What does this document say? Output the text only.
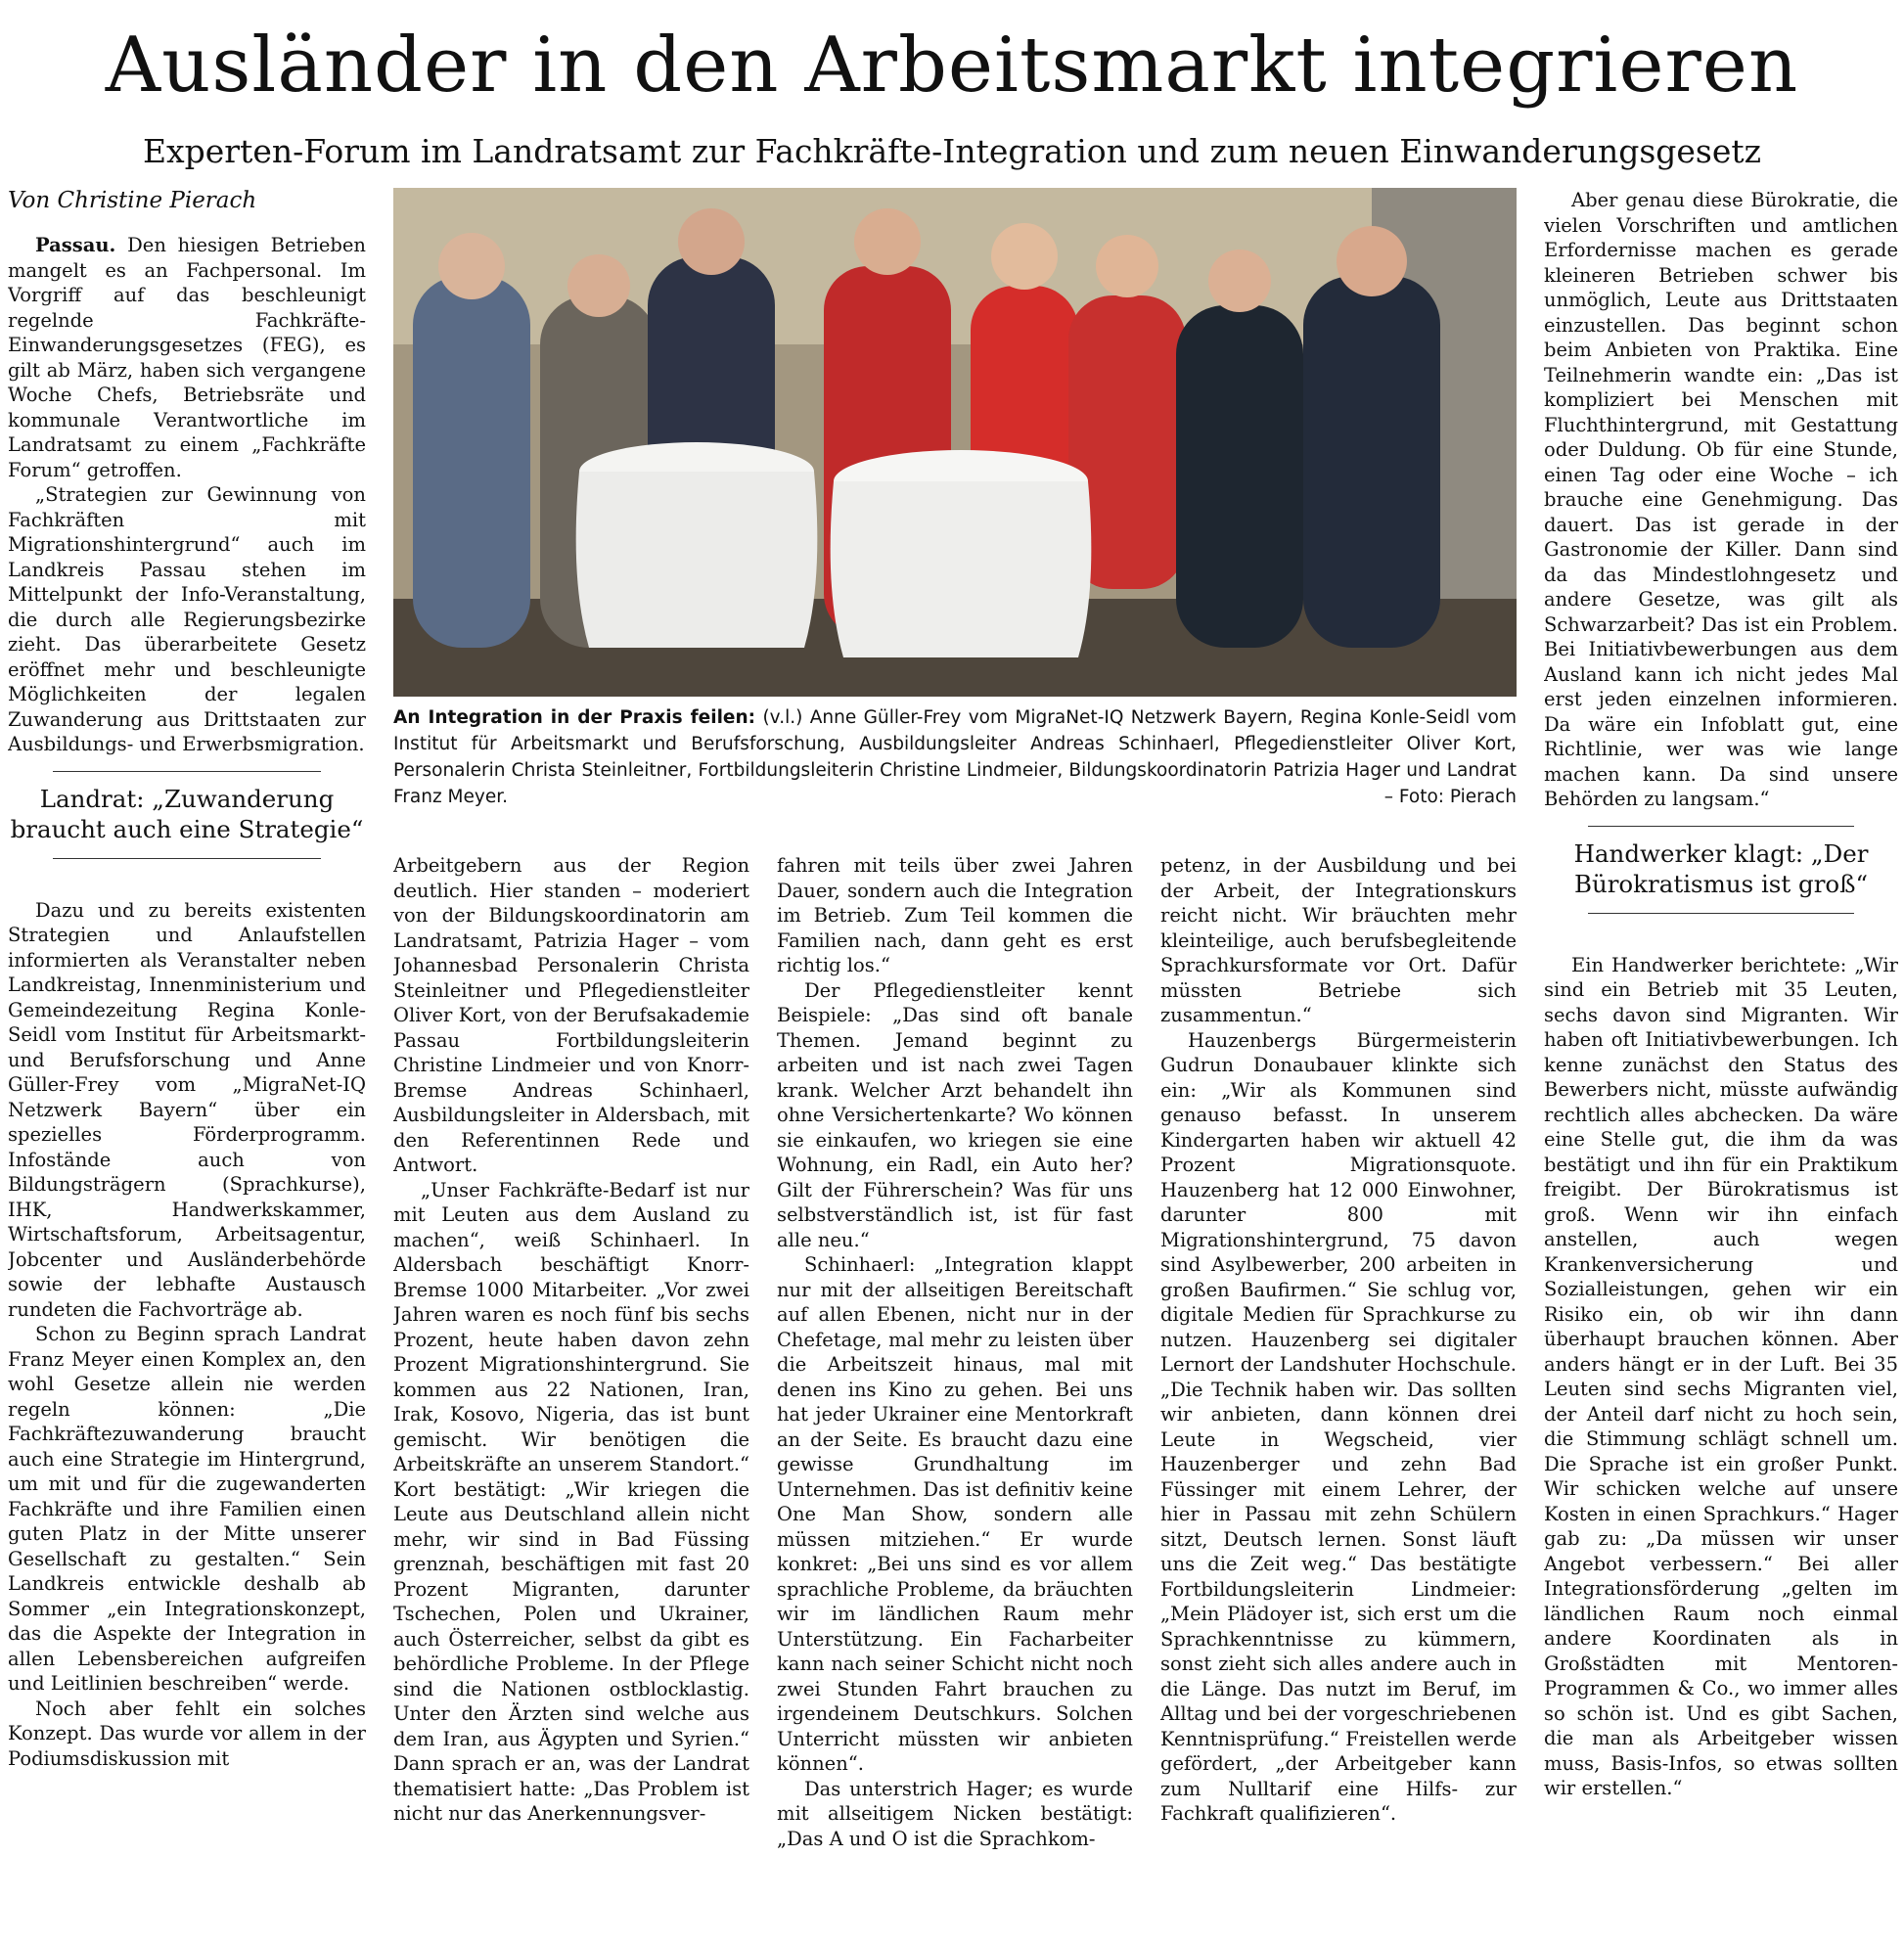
Ausländer in den Arbeitsmarkt integrieren
Experten-Forum im Landratsamt zur Fachkräfte-Integration und zum neuen Einwanderungsgesetz
Von Christine Pierach

Passau. Den hiesigen Betrieben mangelt es an Fachpersonal. Im Vorgriff auf das beschleunigt regelnde Fachkräfte-Einwanderungsgesetzes (FEG), es gilt ab März, haben sich vergangene Woche Chefs, Betriebsräte und kommunale Verantwortliche im Landratsamt zu einem „Fachkräfte Forum“ getroffen.

„Strategien zur Gewinnung von Fachkräften mit Migrationshintergrund“ auch im Landkreis Passau stehen im Mittelpunkt der Info-Veranstaltung, die durch alle Regierungsbezirke zieht. Das überarbeitete Gesetz eröffnet mehr und beschleunigte Möglichkeiten der legalen Zuwanderung aus Drittstaaten zur Ausbildungs- und Erwerbsmigration.

Landrat: „Zuwanderung braucht auch eine Strategie“

Dazu und zu bereits existenten Strategien und Anlaufstellen informierten als Veranstalter neben Landkreistag, Innenministerium und Gemeindezeitung Regina Konle-Seidl vom Institut für Arbeitsmarkt- und Berufsforschung und Anne Güller-Frey vom „MigraNet-IQ Netzwerk Bayern“ über ein spezielles Förderprogramm. Infostände auch von Bildungsträgern (Sprachkurse), IHK, Handwerkskammer, Wirtschaftsforum, Arbeitsagentur, Jobcenter und Ausländerbehörde sowie der lebhafte Austausch rundeten die Fachvorträge ab.

Schon zu Beginn sprach Landrat Franz Meyer einen Komplex an, den wohl Gesetze allein nie werden regeln können: „Die Fachkräftezuwanderung braucht auch eine Strategie im Hintergrund, um mit und für die zugewanderten Fachkräfte und ihre Familien einen guten Platz in der Mitte unserer Gesellschaft zu gestalten.“ Sein Landkreis entwickle deshalb ab Sommer „ein Integrationskonzept, das die Aspekte der Integration in allen Lebensbereichen aufgreifen und Leitlinien beschreiben“ werde.

Noch aber fehlt ein solches Konzept. Das wurde vor allem in der Podiumsdiskussion mit

An Integration in der Praxis feilen: (v.l.) Anne Güller-Frey vom MigraNet-IQ Netzwerk Bayern, Regina Konle-Seidl vom Institut für Arbeitsmarkt und Berufsforschung, Ausbildungsleiter Andreas Schinhaerl, Pflegedienstleiter Oliver Kort, Personalerin Christa Steinleitner, Fortbildungsleiterin Christine Lindmeier, Bildungskoordinatorin Patrizia Hager und Landrat Franz Meyer.	– Foto: Pierach

Arbeitgebern aus der Region deutlich. Hier standen – moderiert von der Bildungskoordinatorin am Landratsamt, Patrizia Hager – vom Johannesbad Personalerin Christa Steinleitner und Pflegedienstleiter Oliver Kort, von der Berufsakademie Passau Fortbildungsleiterin Christine Lindmeier und von Knorr-Bremse Andreas Schinhaerl, Ausbildungsleiter in Aldersbach, mit den Referentinnen Rede und Antwort.

„Unser Fachkräfte-Bedarf ist nur mit Leuten aus dem Ausland zu machen“, weiß Schinhaerl. In Aldersbach beschäftigt Knorr-Bremse 1000 Mitarbeiter. „Vor zwei Jahren waren es noch fünf bis sechs Prozent, heute haben davon zehn Prozent Migrationshintergrund. Sie kommen aus 22 Nationen, Iran, Irak, Kosovo, Nigeria, das ist bunt gemischt. Wir benötigen die Arbeitskräfte an unserem Standort.“ Kort bestätigt: „Wir kriegen die Leute aus Deutschland allein nicht mehr, wir sind in Bad Füssing grenznah, beschäftigen mit fast 20 Prozent Migranten, darunter Tschechen, Polen und Ukrainer, auch Österreicher, selbst da gibt es behördliche Probleme. In der Pflege sind die Nationen ostblocklastig. Unter den Ärzten sind welche aus dem Iran, aus Ägypten und Syrien.“ Dann sprach er an, was der Landrat thematisiert hatte: „Das Problem ist nicht nur das Anerkennungsver-

fahren mit teils über zwei Jahren Dauer, sondern auch die Integration im Betrieb. Zum Teil kommen die Familien nach, dann geht es erst richtig los.“

Der Pflegedienstleiter kennt Beispiele: „Das sind oft banale Themen. Jemand beginnt zu arbeiten und ist nach zwei Tagen krank. Welcher Arzt behandelt ihn ohne Versichertenkarte? Wo können sie einkaufen, wo kriegen sie eine Wohnung, ein Radl, ein Auto her? Gilt der Führerschein? Was für uns selbstverständlich ist, ist für fast alle neu.“

Schinhaerl: „Integration klappt nur mit der allseitigen Bereitschaft auf allen Ebenen, nicht nur in der Chefetage, mal mehr zu leisten über die Arbeitszeit hinaus, mal mit denen ins Kino zu gehen. Bei uns hat jeder Ukrainer eine Mentorkraft an der Seite. Es braucht dazu eine gewisse Grundhaltung im Unternehmen. Das ist definitiv keine One Man Show, sondern alle müssen mitziehen.“ Er wurde konkret: „Bei uns sind es vor allem sprachliche Probleme, da bräuchten wir im ländlichen Raum mehr Unterstützung. Ein Facharbeiter kann nach seiner Schicht nicht noch zwei Stunden Fahrt brauchen zu irgendeinem Deutschkurs. Solchen Unterricht müssten wir anbieten können“.

Das unterstrich Hager; es wurde mit allseitigem Nicken bestätigt: „Das A und O ist die Sprachkom-

petenz, in der Ausbildung und bei der Arbeit, der Integrationskurs reicht nicht. Wir bräuchten mehr kleinteilige, auch berufsbegleitende Sprachkursformate vor Ort. Dafür müssten Betriebe sich zusammentun.“

Hauzenbergs Bürgermeisterin Gudrun Donaubauer klinkte sich ein: „Wir als Kommunen sind genauso befasst. In unserem Kindergarten haben wir aktuell 42 Prozent Migrationsquote. Hauzenberg hat 12 000 Einwohner, darunter 800 mit Migrationshintergrund, 75 davon sind Asylbewerber, 200 arbeiten in großen Baufirmen.“ Sie schlug vor, digitale Medien für Sprachkurse zu nutzen. Hauzenberg sei digitaler Lernort der Landshuter Hochschule. „Die Technik haben wir. Das sollten wir anbieten, dann können drei Leute in Wegscheid, vier Hauzenberger und zehn Bad Füssinger mit einem Lehrer, der hier in Passau mit zehn Schülern sitzt, Deutsch lernen. Sonst läuft uns die Zeit weg.“ Das bestätigte Fortbildungsleiterin Lindmeier: „Mein Plädoyer ist, sich erst um die Sprachkenntnisse zu kümmern, sonst zieht sich alles andere auch in die Länge. Das nutzt im Beruf, im Alltag und bei der vorgeschriebenen Kenntnisprüfung.“ Freistellen werde gefördert, „der Arbeitgeber kann zum Nulltarif eine Hilfs- zur Fachkraft qualifizieren“.

Aber genau diese Bürokratie, die vielen Vorschriften und amtlichen Erfordernisse machen es gerade kleineren Betrieben schwer bis unmöglich, Leute aus Drittstaaten einzustellen. Das beginnt schon beim Anbieten von Praktika. Eine Teilnehmerin wandte ein: „Das ist kompliziert bei Menschen mit Fluchthintergrund, mit Gestattung oder Duldung. Ob für eine Stunde, einen Tag oder eine Woche – ich brauche eine Genehmigung. Das dauert. Das ist gerade in der Gastronomie der Killer. Dann sind da das Mindestlohngesetz und andere Gesetze, was gilt als Schwarzarbeit? Das ist ein Problem. Bei Initiativbewerbungen aus dem Ausland kann ich nicht jedes Mal erst jeden einzelnen informieren. Da wäre ein Infoblatt gut, eine Richtlinie, wer was wie lange machen kann. Da sind unsere Behörden zu langsam.“

Handwerker klagt: „Der Bürokratismus ist groß“

Ein Handwerker berichtete: „Wir sind ein Betrieb mit 35 Leuten, sechs davon sind Migranten. Wir haben oft Initiativbewerbungen. Ich kenne zunächst den Status des Bewerbers nicht, müsste aufwändig rechtlich alles abchecken. Da wäre eine Stelle gut, die ihm da was bestätigt und ihn für ein Praktikum freigibt. Der Bürokratismus ist groß. Wenn wir ihn einfach anstellen, auch wegen Krankenversicherung und Sozialleistungen, gehen wir ein Risiko ein, ob wir ihn dann überhaupt brauchen können. Aber anders hängt er in der Luft. Bei 35 Leuten sind sechs Migranten viel, der Anteil darf nicht zu hoch sein, die Stimmung schlägt schnell um. Die Sprache ist ein großer Punkt. Wir schicken welche auf unsere Kosten in einen Sprachkurs.“ Hager gab zu: „Da müssen wir unser Angebot verbessern.“ Bei aller Integrationsförderung „gelten im ländlichen Raum noch einmal andere Koordinaten als in Großstädten mit Mentoren-Programmen & Co., wo immer alles so schön ist. Und es gibt Sachen, die man als Arbeitgeber wissen muss, Basis-Infos, so etwas sollten wir erstellen.“
